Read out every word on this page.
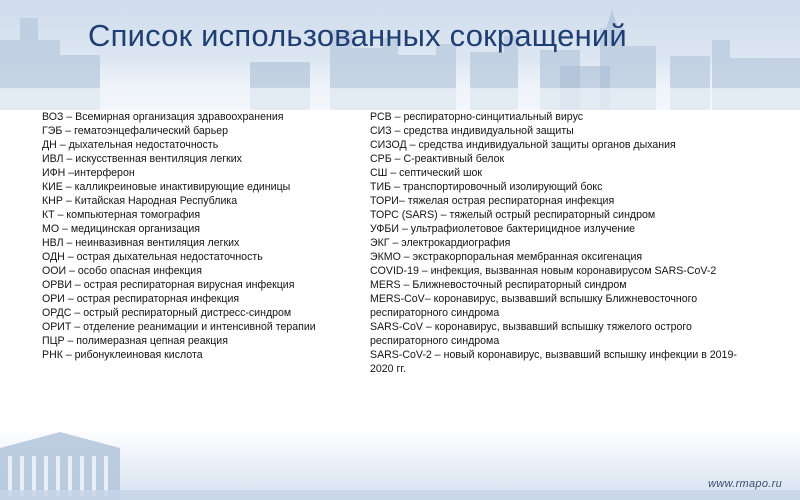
Список использованных сокращений
ВОЗ – Всемирная организация здравоохранения
ГЭБ – гематоэнцефалический барьер
ДН – дыхательная недостаточность
ИВЛ – искусственная вентиляция легких
ИФН –интерферон
КИЕ – калликреиновые инактивирующие единицы
КНР – Китайская Народная Республика
КТ – компьютерная томография
МО – медицинская организация
НВЛ – неинвазивная вентиляция легких
ОДН – острая дыхательная недостаточность
ООИ – особо опасная инфекция
ОРВИ – острая респираторная вирусная инфекция
ОРИ – острая респираторная инфекция
ОРДС – острый респираторный дистресс-синдром
ОРИТ – отделение реанимации и интенсивной терапии
ПЦР – полимеразная цепная реакция
РНК – рибонуклеиновая кислота
РСВ – респираторно-синцитиальный вирус
СИЗ – средства индивидуальной защиты
СИЗОД – средства индивидуальной защиты органов дыхания
СРБ – С-реактивный белок
СШ – септический шок
ТИБ – транспортировочный изолирующий бокс
ТОРИ– тяжелая острая респираторная инфекция
ТОРС (SARS) – тяжелый острый респираторный синдром
УФБИ – ультрафиолетовое бактерицидное излучение
ЭКГ – электрокардиография
ЭКМО – экстракорпоральная мембранная оксигенация
COVID-19 – инфекция, вызванная новым коронавирусом SARS-CoV-2
MERS – Ближневосточный респираторный синдром
MERS-CoV– коронавирус, вызвавший вспышку Ближневосточного респираторного синдрома
SARS-CoV – коронавирус, вызвавший вспышку тяжелого острого респираторного синдрома
SARS-CoV-2 – новый коронавирус, вызвавший вспышку инфекции в 2019-2020 гг.
www.rmapo.ru
